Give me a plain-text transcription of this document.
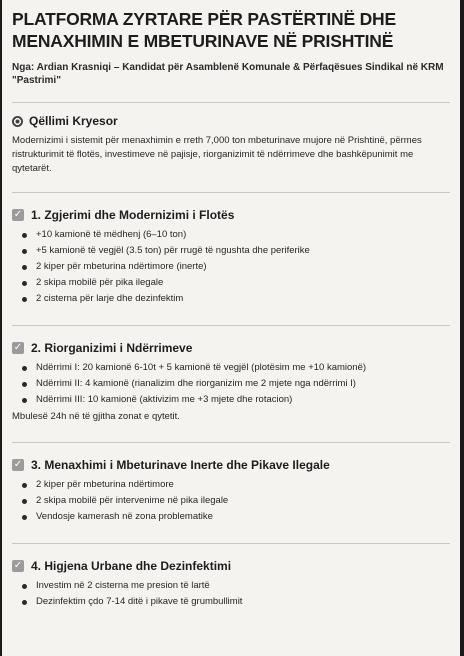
PLATFORMA ZYRTARE PËR PASTËRTINË DHE MENAXHIMIN E MBETURINAVE NË PRISHTINË
Nga: Ardian Krasniqi – Kandidat për Asamblenë Komunale & Përfaqësues Sindikal në KRM "Pastrimi"
Qëllimi Kryesor

Modernizimi i sistemit për menaxhimin e rreth 7,000 ton mbeturinave mujore në Prishtinë, përmes ristrukturimit të flotës, investimeve në pajisje, riorganizimit të ndërrimeve dhe bashkëpunimit me qytetarët.

✓ 1. Zgjerimi dhe Modernizimi i Flotës
+10 kamionë të mëdhenj (6–10 ton)
+5 kamionë të vegjël (3.5 ton) për rrugë të ngushta dhe periferike
2 kiper për mbeturina ndërtimore (inerte)
2 skipa mobilë për pika ilegale
2 cisterna për larje dhe dezinfektim
✓ 2. Riorganizimi i Ndërrimeve
Ndërrimi I: 20 kamionë 6-10t + 5 kamionë të vegjël (plotësim me +10 kamionë)
Ndërrimi II: 4 kamionë (rianalizim dhe riorganizim me 2 mjete nga ndërrimi I)
Ndërrimi III: 10 kamionë (aktivizim me +3 mjete dhe rotacion)
Mbulesë 24h në të gjitha zonat e qytetit.
✓ 3. Menaxhimi i Mbeturinave Inerte dhe Pikave Ilegale
2 kiper për mbeturina ndërtimore
2 skipa mobilë për intervenime në pika ilegale
Vendosje kamerash në zona problematike
✓ 4. Higjena Urbane dhe Dezinfektimi
Investim në 2 cisterna me presion të lartë
Dezinfektim çdo 7-14 ditë i pikave të grumbullimit
